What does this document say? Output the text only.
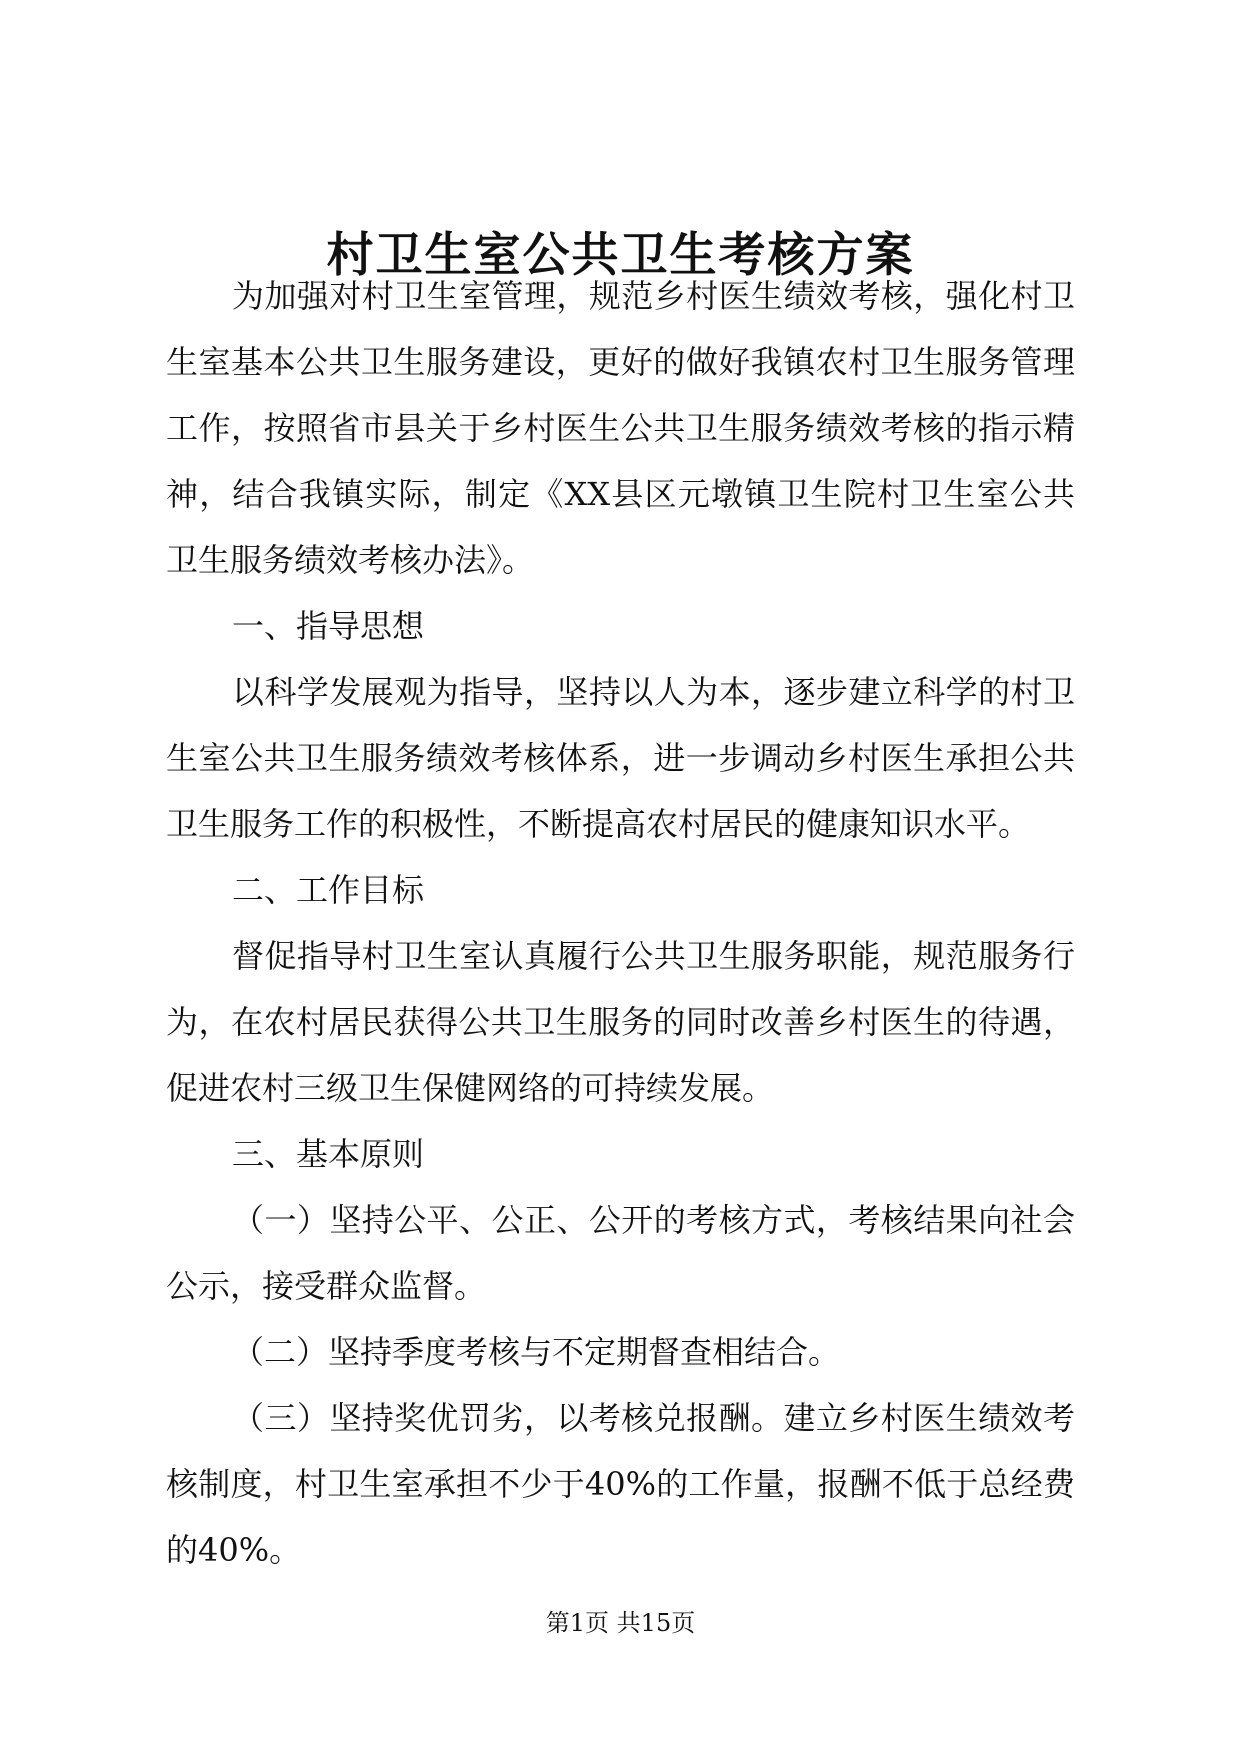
村卫生室公共卫生考核方案

为加强对村卫生室管理，规范乡村医生绩效考核，强化村卫

生室基本公共卫生服务建设，更好的做好我镇农村卫生服务管理

工作，按照省市县关于乡村医生公共卫生服务绩效考核的指示精

神，结合我镇实际，制定《XX县区元墩镇卫生院村卫生室公共

卫生服务绩效考核办法》。

一、指导思想

以科学发展观为指导，坚持以人为本，逐步建立科学的村卫

生室公共卫生服务绩效考核体系，进一步调动乡村医生承担公共

卫生服务工作的积极性，不断提高农村居民的健康知识水平。

二、工作目标

督促指导村卫生室认真履行公共卫生服务职能，规范服务行

为，在农村居民获得公共卫生服务的同时改善乡村医生的待遇，

促进农村三级卫生保健网络的可持续发展。

三、基本原则

（一）坚持公平、公正、公开的考核方式，考核结果向社会

公示，接受群众监督。

（二）坚持季度考核与不定期督查相结合。

（三）坚持奖优罚劣，以考核兑报酬。建立乡村医生绩效考

核制度，村卫生室承担不少于40%的工作量，报酬不低于总经费

的40%。

第1页 共15页
